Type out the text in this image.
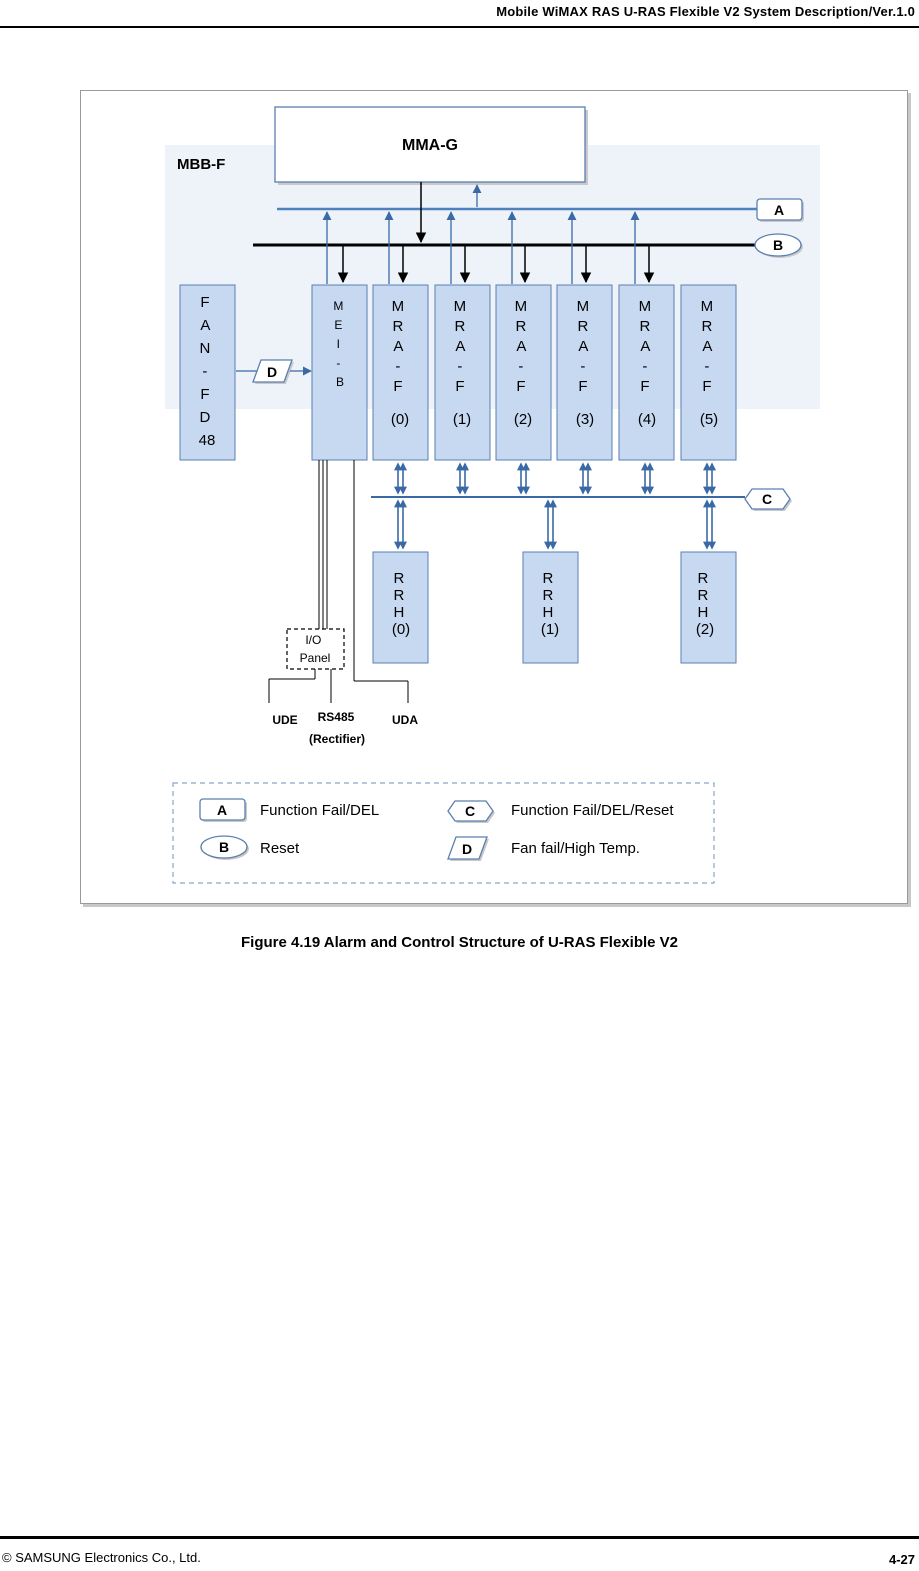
Mobile WiMAX RAS U-RAS Flexible V2 System Description/Ver.1.0
MBB-F
MMA-G
A
B
F A N - F D 48
D
M E I - B
M R A - F (0)
M R A - F (1)
M R A - F (2)
M R A - F (3)
M R A - F (4)
M R A - F (5)
C
R R H (0)
R R H (1)
R R H (2)
I/O Panel
UDE RS485
(Rectifier)
UDA
A Function Fail/DEL
B Reset
C Function Fail/DEL/Reset
D	Fan fail/High Temp.
Figure 4.19 Alarm and Control Structure of U-RAS Flexible V2
© SAMSUNG Electronics Co., Ltd.	4-27
